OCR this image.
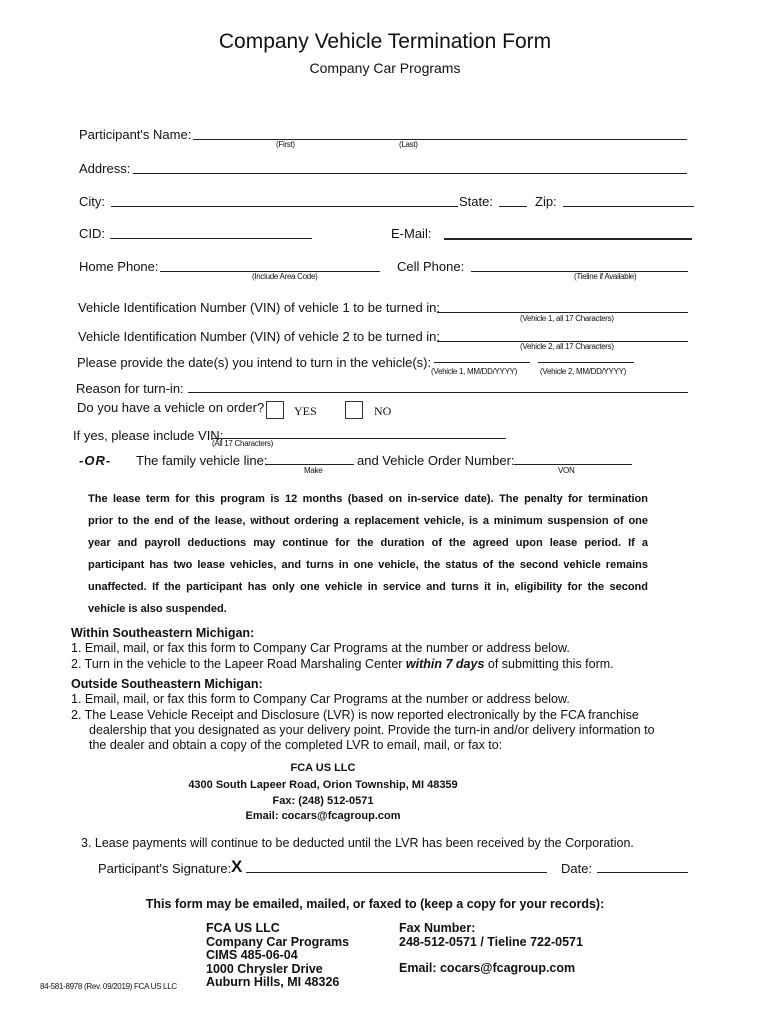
Company Vehicle Termination Form
Company Car Programs
Participant's Name:
(First)	(Last)
Address:
City:	State:	Zip:
CID:	E-Mail:
Home Phone:
(Include Area Code)
Cell Phone:
(Tieline if Available)
Vehicle Identification Number (VIN) of vehicle 1 to be turned in:
(Vehicle 1, all 17 Characters)
Vehicle Identification Number (VIN) of vehicle 2 to be turned in:
(Vehicle 2, all 17 Characters)
Please provide the date(s) you intend to turn in the vehicle(s):
(Vehicle 1, MM/DD/YYYY)	(Vehicle 2, MM/DD/YYYY)
Reason for turn-in:
Do you have a vehicle on order? YES	NO
If yes, please include VIN:
(All 17 Characters)
-OR- The family vehicle line:
Make
and Vehicle Order Number:
VON
The lease term for this program is 12 months (based on in-service date). The penalty for termination
prior to the end of the lease, without ordering a replacement vehicle, is a minimum suspension of one
year and payroll deductions may continue for the duration of the agreed upon lease period. If a
participant has two lease vehicles, and turns in one vehicle, the status of the second vehicle remains
unaffected. If the participant has only one vehicle in service and turns it in, eligibility for the second
vehicle is also suspended.
Within Southeastern Michigan:
1. Email, mail, or fax this form to Company Car Programs at the number or address below.
2. Turn in the vehicle to the Lapeer Road Marshaling Center within 7 days of submitting this form.
Outside Southeastern Michigan:
1. Email, mail, or fax this form to Company Car Programs at the number or address below.
2. The Lease Vehicle Receipt and Disclosure (LVR) is now reported electronically by the FCA franchise
dealership that you designated as your delivery point. Provide the turn-in and/or delivery information to
the dealer and obtain a copy of the completed LVR to email, mail, or fax to:
FCA US LLC
4300 South Lapeer Road, Orion Township, MI 48359
Fax: (248) 512-0571
Email: cocars@fcagroup.com
3. Lease payments will continue to be deducted until the LVR has been received by the Corporation.
Participant's Signature: X	Date:
This form may be emailed, mailed, or faxed to (keep a copy for your records):
FCA US LLC
Company Car Programs
CIMS 485-06-04
1000 Chrysler Drive
Auburn Hills, MI 48326
Fax Number:
248-512-0571 / Tieline 722-0571
Email: cocars@fcagroup.com
84-581-8978 (Rev. 09/2019) FCA US LLC
